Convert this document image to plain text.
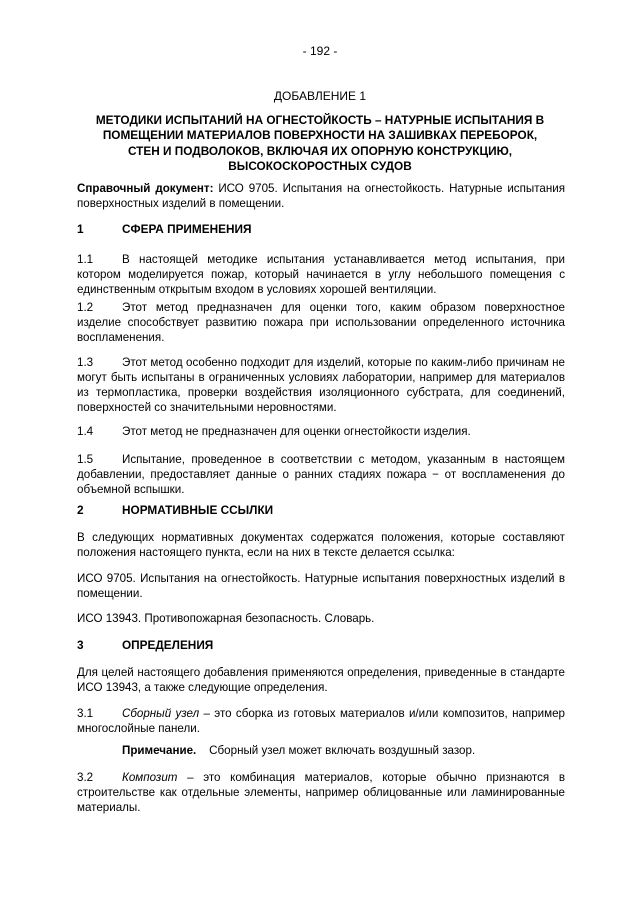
- 192 -
ДОБАВЛЕНИЕ 1
МЕТОДИКИ ИСПЫТАНИЙ НА ОГНЕСТОЙКОСТЬ – НАТУРНЫЕ ИСПЫТАНИЯ В ПОМЕЩЕНИИ МАТЕРИАЛОВ ПОВЕРХНОСТИ НА ЗАШИВКАХ ПЕРЕБОРОК, СТЕН И ПОДВОЛОКОВ, ВКЛЮЧАЯ ИХ ОПОРНУЮ КОНСТРУКЦИЮ, ВЫСОКОСКОРОСТНЫХ СУДОВ
Справочный документ: ИСО 9705. Испытания на огнестойкость. Натурные испытания поверхностных изделий в помещении.
1	СФЕРА ПРИМЕНЕНИЯ
1.1 В настоящей методике испытания устанавливается метод испытания, при котором моделируется пожар, который начинается в углу небольшого помещения с единственным открытым входом в условиях хорошей вентиляции.
1.2 Этот метод предназначен для оценки того, каким образом поверхностное изделие способствует развитию пожара при использовании определенного источника воспламенения.
1.3 Этот метод особенно подходит для изделий, которые по каким-либо причинам не могут быть испытаны в ограниченных условиях лаборатории, например для материалов из термопластика, проверки воздействия изоляционного субстрата, для соединений, поверхностей со значительными неровностями.
1.4 Этот метод не предназначен для оценки огнестойкости изделия.
1.5 Испытание, проведенное в соответствии с методом, указанным в настоящем добавлении, предоставляет данные о ранних стадиях пожара − от воспламенения до объемной вспышки.
2	НОРМАТИВНЫЕ ССЫЛКИ
В следующих нормативных документах содержатся положения, которые составляют положения настоящего пункта, если на них в тексте делается ссылка:
ИСО 9705. Испытания на огнестойкость. Натурные испытания поверхностных изделий в помещении.
ИСО 13943. Противопожарная безопасность. Словарь.
3	ОПРЕДЕЛЕНИЯ
Для целей настоящего добавления применяются определения, приведенные в стандарте ИСО 13943, а также следующие определения.
3.1 Сборный узел – это сборка из готовых материалов и/или композитов, например многослойные панели.
Примечание. Сборный узел может включать воздушный зазор.
3.2 Композит – это комбинация материалов, которые обычно признаются в строительстве как отдельные элементы, например облицованные или ламинированные материалы.
